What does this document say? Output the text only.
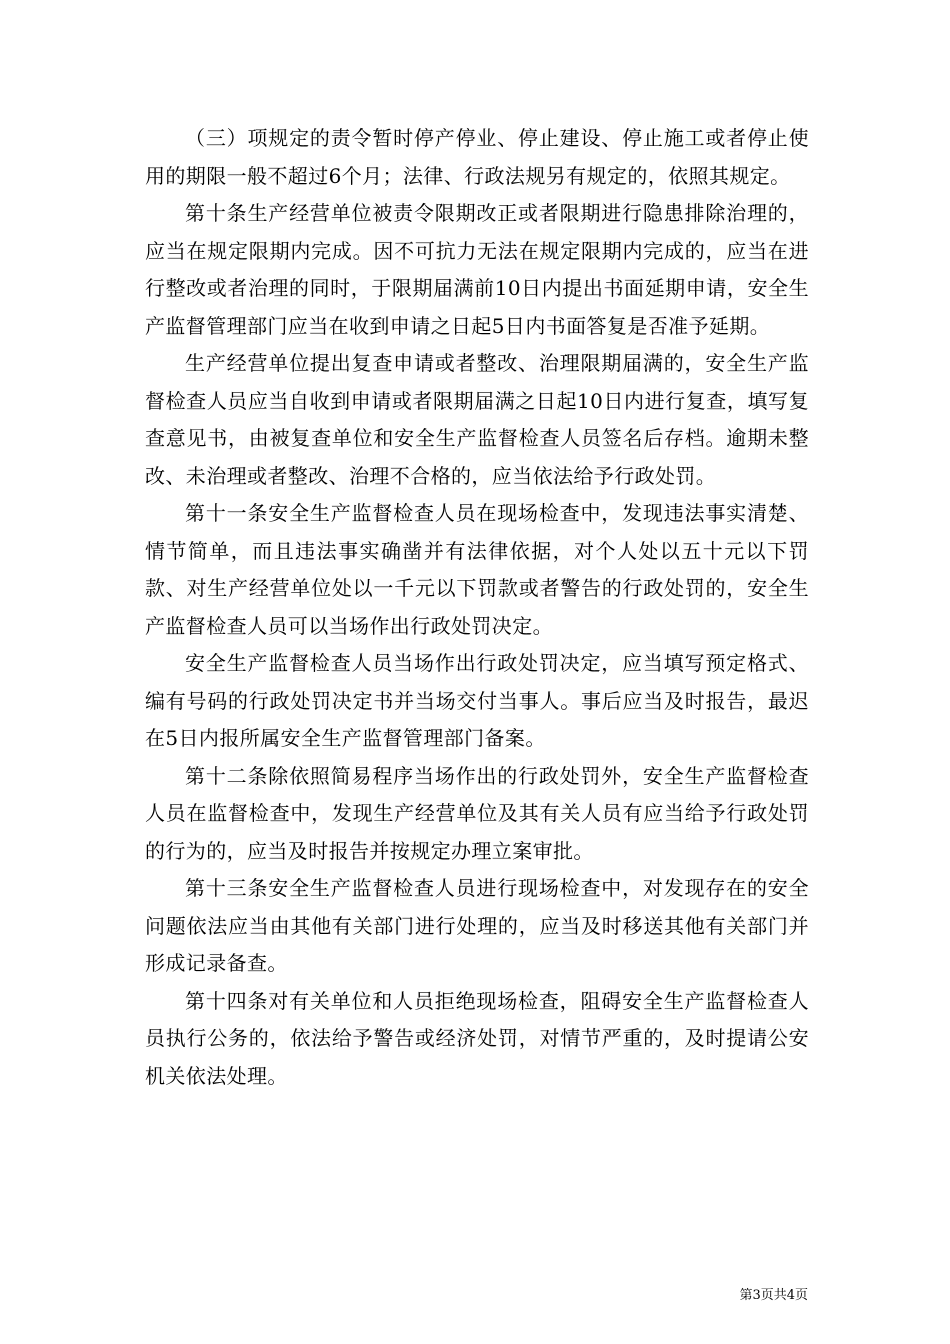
（三）项规定的责令暂时停产停业、停止建设、停止施工或者停止使用的期限一般不超过6个月；法律、行政法规另有规定的，依照其规定。

第十条生产经营单位被责令限期改正或者限期进行隐患排除治理的，应当在规定限期内完成。因不可抗力无法在规定限期内完成的，应当在进行整改或者治理的同时，于限期届满前10日内提出书面延期申请，安全生产监督管理部门应当在收到申请之日起5日内书面答复是否准予延期。

生产经营单位提出复查申请或者整改、治理限期届满的，安全生产监督检查人员应当自收到申请或者限期届满之日起10日内进行复查，填写复查意见书，由被复查单位和安全生产监督检查人员签名后存档。逾期未整改、未治理或者整改、治理不合格的，应当依法给予行政处罚。

第十一条安全生产监督检查人员在现场检查中，发现违法事实清楚、情节简单，而且违法事实确凿并有法律依据，对个人处以五十元以下罚款、对生产经营单位处以一千元以下罚款或者警告的行政处罚的，安全生产监督检查人员可以当场作出行政处罚决定。

安全生产监督检查人员当场作出行政处罚决定，应当填写预定格式、编有号码的行政处罚决定书并当场交付当事人。事后应当及时报告，最迟在5日内报所属安全生产监督管理部门备案。

第十二条除依照简易程序当场作出的行政处罚外，安全生产监督检查人员在监督检查中，发现生产经营单位及其有关人员有应当给予行政处罚的行为的，应当及时报告并按规定办理立案审批。

第十三条安全生产监督检查人员进行现场检查中，对发现存在的安全问题依法应当由其他有关部门进行处理的，应当及时移送其他有关部门并形成记录备查。

第十四条对有关单位和人员拒绝现场检查，阻碍安全生产监督检查人员执行公务的，依法给予警告或经济处罚，对情节严重的，及时提请公安机关依法处理。

第3页共4页
